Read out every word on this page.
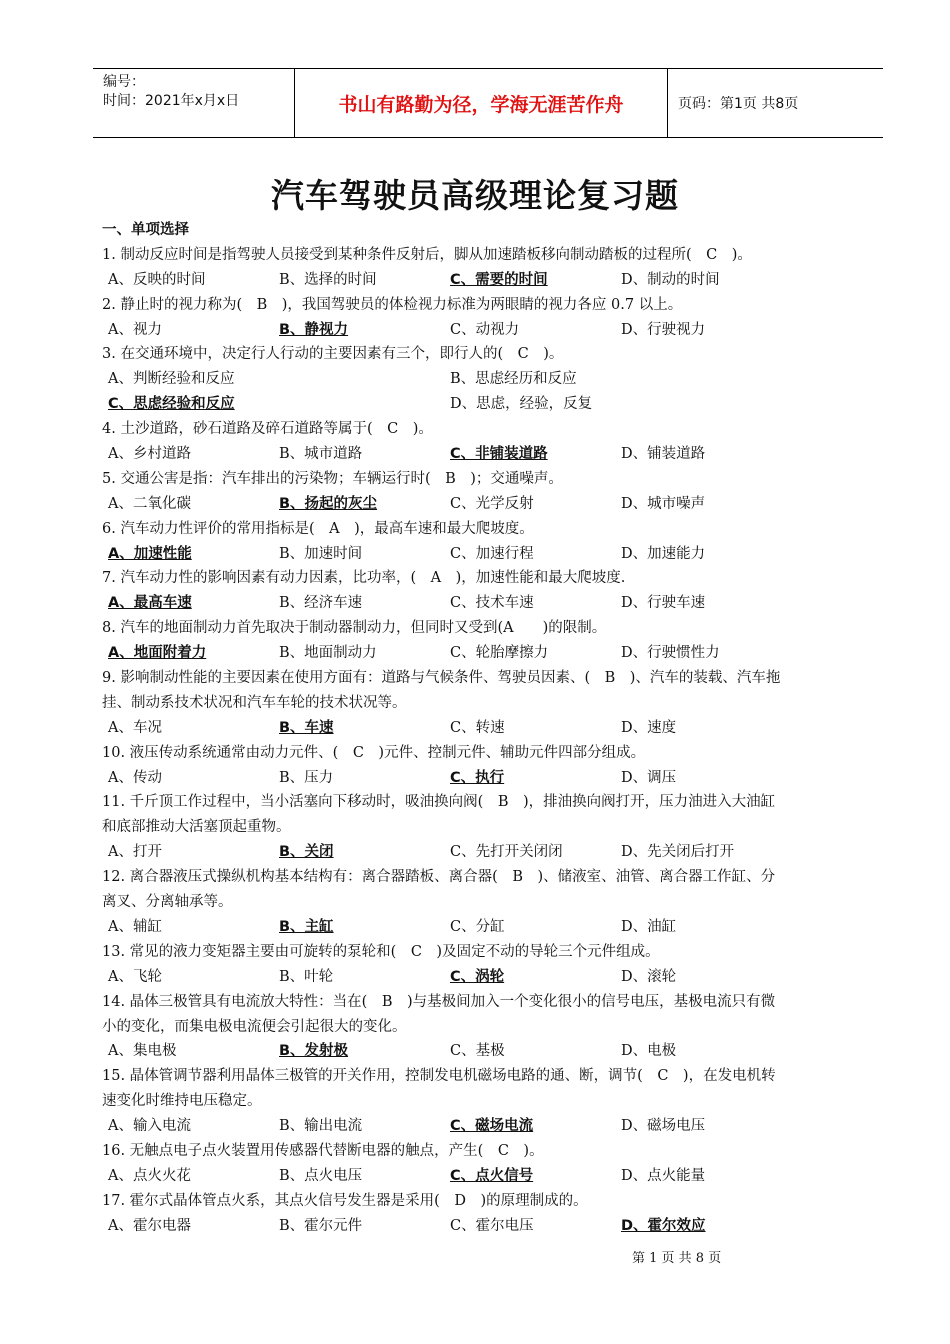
编号：
时间：2021年x月x日	书山有路勤为径，学海无涯苦作舟	页码：第1页 共8页
汽车驾驶员高级理论复习题
一、单项选择
1. 制动反应时间是指驾驶人员接受到某种条件反射后，脚从加速踏板移向制动踏板的过程所(　C　)。
A、反映的时间	B、选择的时间	C、需要的时间	D、制动的时间
2. 静止时的视力称为(　B　)，我国驾驶员的体检视力标准为两眼睛的视力各应 0.7 以上。
A、视力	B、静视力	C、动视力	D、行驶视力
3. 在交通环境中，决定行人行动的主要因素有三个，即行人的(　C　)。
A、判断经验和反应	B、思虑经历和反应
C、思虑经验和反应	D、思虑，经验，反复
4. 土沙道路，砂石道路及碎石道路等属于(　C　)。
A、乡村道路	B、城市道路	C、非铺装道路	D、铺装道路
5. 交通公害是指：汽车排出的污染物；车辆运行时(　B　)；交通噪声。
A、二氧化碳	B、扬起的灰尘	C、光学反射	D、城市噪声
6. 汽车动力性评价的常用指标是(　A　)，最高车速和最大爬坡度。
A、加速性能	B、加速时间	C、加速行程	D、加速能力
7. 汽车动力性的影响因素有动力因素，比功率，(　A　)，加速性能和最大爬坡度.
A、最高车速	B、经济车速	C、技术车速	D、行驶车速
8. 汽车的地面制动力首先取决于制动器制动力，但同时又受到(A　　)的限制。
A、地面附着力	B、地面制动力	C、轮胎摩擦力	D、行驶惯性力
9. 影响制动性能的主要因素在使用方面有：道路与气候条件、驾驶员因素、(　B　)、汽车的装载、汽车拖
挂、制动系技术状况和汽车车轮的技术状况等。
A、车况	B、车速	C、转速	D、速度
10. 液压传动系统通常由动力元件、(　C　)元件、控制元件、辅助元件四部分组成。
A、传动	B、压力	C、执行	D、调压
11. 千斤顶工作过程中，当小活塞向下移动时，吸油换向阀(　B　)，排油换向阀打开，压力油进入大油缸
和底部推动大活塞顶起重物。
A、打开	B、关闭	C、先打开关闭闭	D、先关闭后打开
12. 离合器液压式操纵机构基本结构有：离合器踏板、离合器(　B　)、储液室、油管、离合器工作缸、分
离叉、分离轴承等。
A、辅缸	B、主缸	C、分缸	D、油缸
13. 常见的液力变矩器主要由可旋转的泵轮和(　C　)及固定不动的导轮三个元件组成。
A、飞轮	B、叶轮	C、涡轮	D、滚轮
14. 晶体三极管具有电流放大特性：当在(　B　)与基极间加入一个变化很小的信号电压，基极电流只有微
小的变化，而集电极电流便会引起很大的变化。
A、集电极	B、发射极	C、基极	D、电极
15. 晶体管调节器利用晶体三极管的开关作用，控制发电机磁场电路的通、断，调节(　C　)，在发电机转
速变化时维持电压稳定。
A、输入电流	B、输出电流	C、磁场电流	D、磁场电压
16. 无触点电子点火装置用传感器代替断电器的触点，产生(　C　)。
A、点火火花	B、点火电压	C、点火信号	D、点火能量
17. 霍尔式晶体管点火系，其点火信号发生器是采用(　D　)的原理制成的。
A、霍尔电器	B、霍尔元件	C、霍尔电压	D、霍尔效应
第 1 页 共 8 页
